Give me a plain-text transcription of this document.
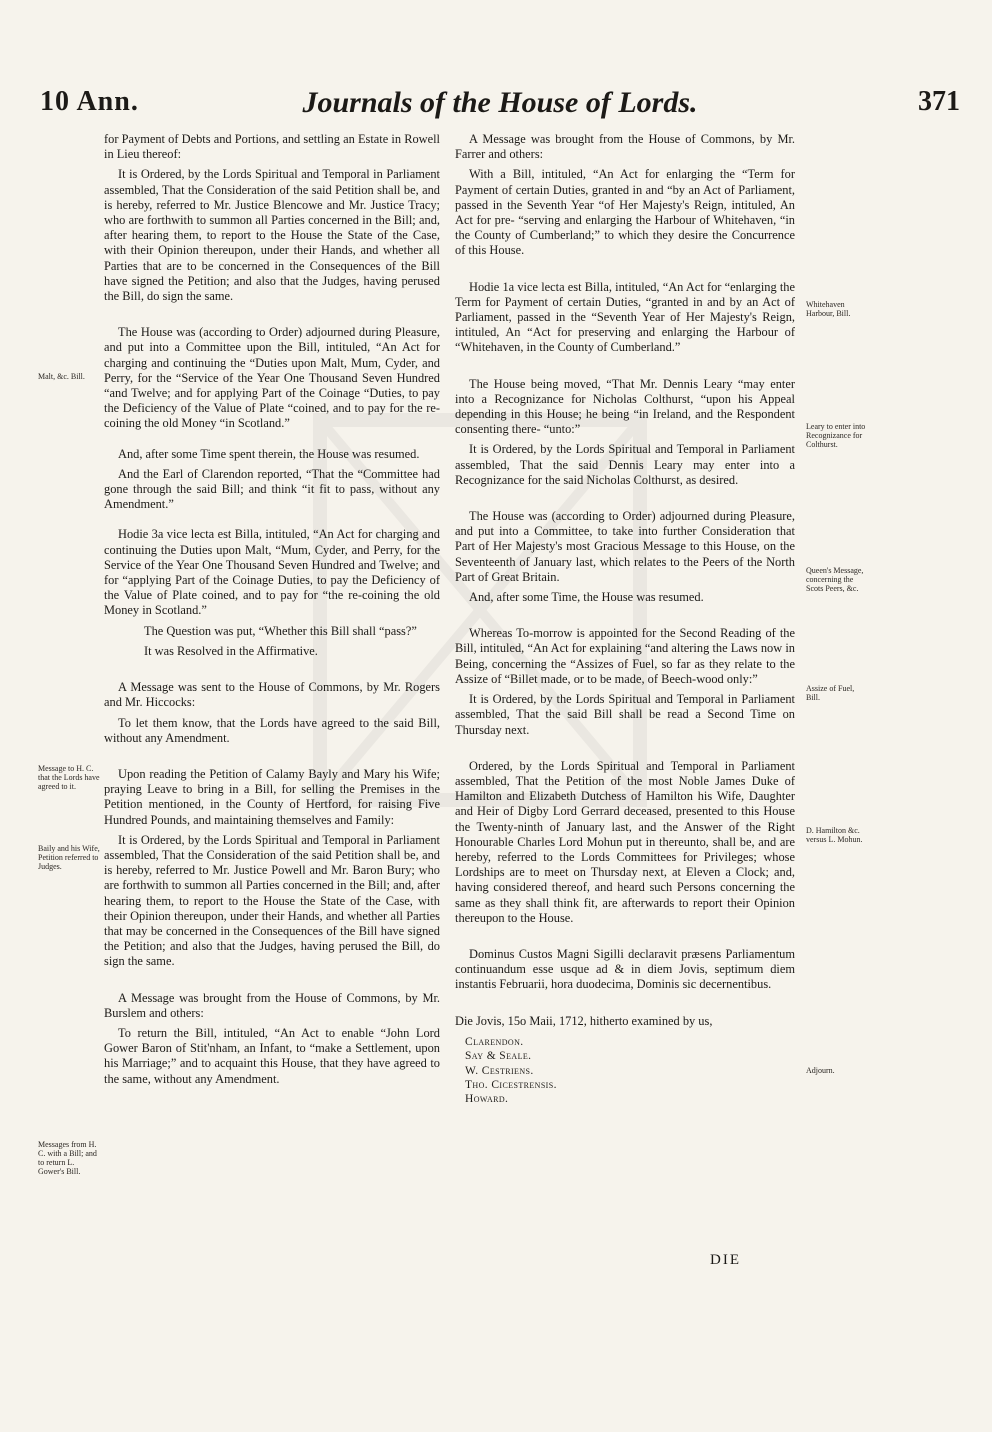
10 Ann.	Journals of the House of Lords.	371

for Payment of Debts and Portions, and settling an Estate in Rowell in Lieu thereof:

It is Ordered, by the Lords Spiritual and Temporal in Parliament assembled, That the Consideration of the said Petition shall be, and is hereby, referred to Mr. Justice Blencowe and Mr. Justice Tracy; who are forthwith to summon all Parties concerned in the Bill; and, after hearing them, to report to the House the State of the Case, with their Opinion thereupon, under their Hands, and whether all Parties that are to be concerned in the Consequences of the Bill have signed the Petition; and also that the Judges, having perused the Bill, do sign the same.

The House was (according to Order) adjourned during Pleasure, and put into a Committee upon the Bill, intituled, “An Act for charging and continuing the “Duties upon Malt, Mum, Cyder, and Perry, for the “Service of the Year One Thousand Seven Hundred “and Twelve; and for applying Part of the Coinage “Duties, to pay the Deficiency of the Value of Plate “coined, and to pay for the re-coining the old Money “in Scotland.”

And, after some Time spent therein, the House was resumed.

And the Earl of Clarendon reported, “That the “Committee had gone through the said Bill; and think “it fit to pass, without any Amendment.”

Hodie 3a vice lecta est Billa, intituled, “An Act for charging and continuing the Duties upon Malt, “Mum, Cyder, and Perry, for the Service of the Year One Thousand Seven Hundred and Twelve; and for “applying Part of the Coinage Duties, to pay the Deficiency of the Value of Plate coined, and to pay for “the re-coining the old Money in Scotland.”

The Question was put, “Whether this Bill shall “pass?”

It was Resolved in the Affirmative.

A Message was sent to the House of Commons, by Mr. Rogers and Mr. Hiccocks:

To let them know, that the Lords have agreed to the said Bill, without any Amendment.

Upon reading the Petition of Calamy Bayly and Mary his Wife; praying Leave to bring in a Bill, for selling the Premises in the Petition mentioned, in the County of Hertford, for raising Five Hundred Pounds, and maintaining themselves and Family:

It is Ordered, by the Lords Spiritual and Temporal in Parliament assembled, That the Consideration of the said Petition shall be, and is hereby, referred to Mr. Justice Powell and Mr. Baron Bury; who are forthwith to summon all Parties concerned in the Bill; and, after hearing them, to report to the House the State of the Case, with their Opinion thereupon, under their Hands, and whether all Parties that may be concerned in the Consequences of the Bill have signed the Petition; and also that the Judges, having perused the Bill, do sign the same.

A Message was brought from the House of Commons, by Mr. Burslem and others:

To return the Bill, intituled, “An Act to enable “John Lord Gower Baron of Stit'nham, an Infant, to “make a Settlement, upon his Marriage;” and to acquaint this House, that they have agreed to the same, without any Amendment.

Malt, &c. Bill.
Message to H. C. that the Lords have agreed to it.
Baily and his Wife, Petition referred to Judges.
Messages from H. C. with a Bill; and to return L. Gower's Bill.

A Message was brought from the House of Commons, by Mr. Farrer and others:

With a Bill, intituled, “An Act for enlarging the “Term for Payment of certain Duties, granted in and “by an Act of Parliament, passed in the Seventh Year “of Her Majesty's Reign, intituled, An Act for pre- “serving and enlarging the Harbour of Whitehaven, “in the County of Cumberland;” to which they desire the Concurrence of this House.

Hodie 1a vice lecta est Billa, intituled, “An Act for “enlarging the Term for Payment of certain Duties, “granted in and by an Act of Parliament, passed in the “Seventh Year of Her Majesty's Reign, intituled, An “Act for preserving and enlarging the Harbour of “Whitehaven, in the County of Cumberland.”

The House being moved, “That Mr. Dennis Leary “may enter into a Recognizance for Nicholas Colthurst, “upon his Appeal depending in this House; he being “in Ireland, and the Respondent consenting there- “unto:”

It is Ordered, by the Lords Spiritual and Temporal in Parliament assembled, That the said Dennis Leary may enter into a Recognizance for the said Nicholas Colthurst, as desired.

The House was (according to Order) adjourned during Pleasure, and put into a Committee, to take into further Consideration that Part of Her Majesty's most Gracious Message to this House, on the Seventeenth of January last, which relates to the Peers of the North Part of Great Britain.

And, after some Time, the House was resumed.

Whereas To-morrow is appointed for the Second Reading of the Bill, intituled, “An Act for explaining “and altering the Laws now in Being, concerning the “Assizes of Fuel, so far as they relate to the Assize of “Billet made, or to be made, of Beech-wood only:”

It is Ordered, by the Lords Spiritual and Temporal in Parliament assembled, That the said Bill shall be read a Second Time on Thursday next.

Ordered, by the Lords Spiritual and Temporal in Parliament assembled, That the Petition of the most Noble James Duke of Hamilton and Elizabeth Dutchess of Hamilton his Wife, Daughter and Heir of Digby Lord Gerrard deceased, presented to this House the Twenty-ninth of January last, and the Answer of the Right Honourable Charles Lord Mohun put in thereunto, shall be, and are hereby, referred to the Lords Committees for Privileges; whose Lordships are to meet on Thursday next, at Eleven a Clock; and, having considered thereof, and heard such Persons concerning the same as they shall think fit, are afterwards to report their Opinion thereupon to the House.

Dominus Custos Magni Sigilli declaravit præsens Parliamentum continuandum esse usque ad & in diem Jovis, septimum diem instantis Februarii, hora duodecima, Dominis sic decernentibus.

Die Jovis, 15o Maii, 1712, hitherto examined by us,

Clarendon.
Say & Seale.
W. Cestriens.
Tho. Cicestrensis.
Howard.
Whitehaven Harbour, Bill.
Leary to enter into Recognizance for Colthurst.
Queen's Message, concerning the Scots Peers, &c.
Assize of Fuel, Bill.
D. Hamilton &c. versus L. Mohun.
Adjourn.
DIE
